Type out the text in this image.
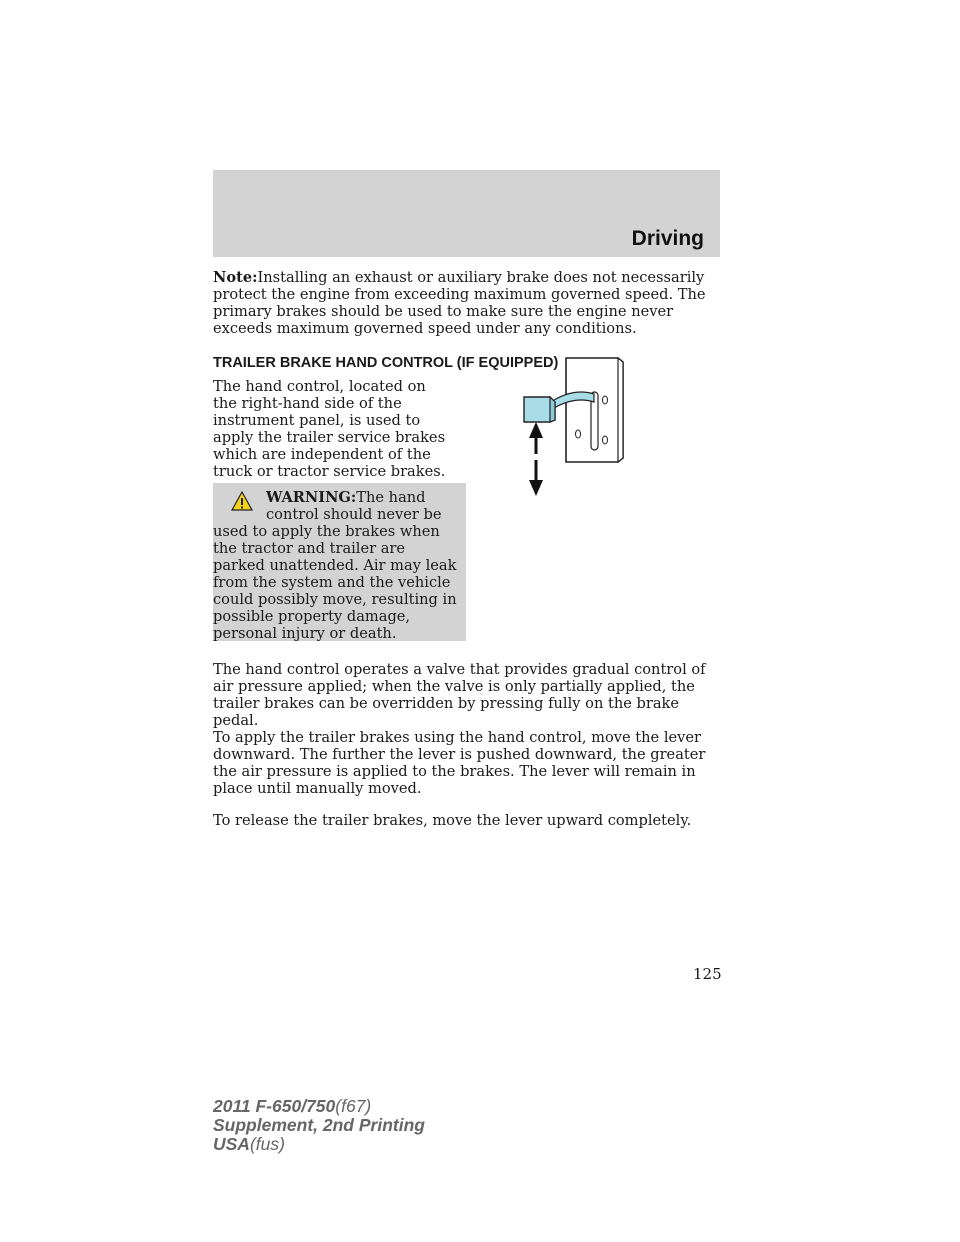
Driving

Note:Installing an exhaust or auxiliary brake does not necessarily protect the engine from exceeding maximum governed speed. The primary brakes should be used to make sure the engine never exceeds maximum governed speed under any conditions.

TRAILER BRAKE HAND CONTROL (IF EQUIPPED)

The hand control, located on the right-hand side of the instrument panel, is used to apply the trailer service brakes which are independent of the truck or tractor service brakes.

WARNING:The hand control should never be
used to apply the brakes when the tractor and trailer are parked unattended. Air may leak from the system and the vehicle could possibly move, resulting in possible property damage, personal injury or death.

The hand control operates a valve that provides gradual control of air pressure applied; when the valve is only partially applied, the trailer brakes can be overridden by pressing fully on the brake pedal.

To apply the trailer brakes using the hand control, move the lever downward. The further the lever is pushed downward, the greater the air pressure is applied to the brakes. The lever will remain in place until manually moved.

To release the trailer brakes, move the lever upward completely.

125
2011 F-650/750(f67)
Supplement, 2nd Printing
USA(fus)
